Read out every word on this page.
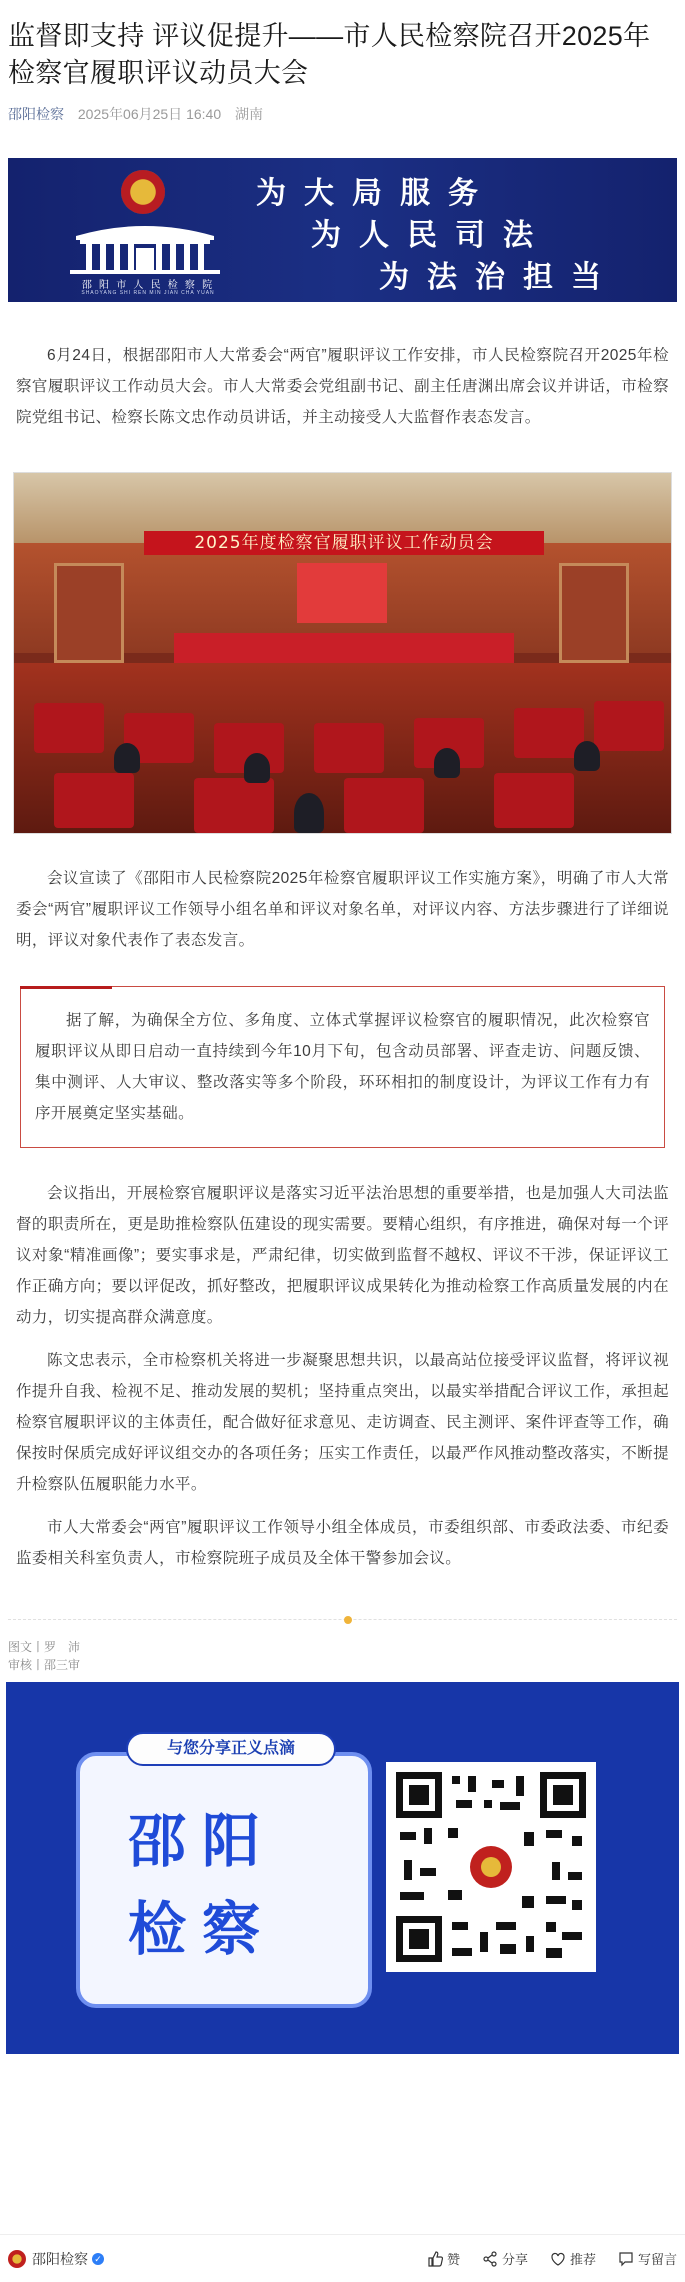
监督即支持 评议促提升——市人民检察院召开2025年检察官履职评议动员大会
邵阳检察 2025年06月25日 16:40 湖南
邵 阳 市 人 民 检 察 院
SHAOYANG SHI REN MIN JIAN CHA YUAN
为大局服务
为人民司法
为法治担当

6月24日，根据邵阳市人大常委会“两官”履职评议工作安排，市人民检察院召开2025年检察官履职评议工作动员大会。市人大常委会党组副书记、副主任唐渊出席会议并讲话，市检察院党组书记、检察长陈文忠作动员讲话，并主动接受人大监督作表态发言。

2025年度检察官履职评议工作动员会

会议宣读了《邵阳市人民检察院2025年检察官履职评议工作实施方案》，明确了市人大常委会“两官”履职评议工作领导小组名单和评议对象名单，对评议内容、方法步骤进行了详细说明，评议对象代表作了表态发言。

据了解，为确保全方位、多角度、立体式掌握评议检察官的履职情况，此次检察官履职评议从即日启动一直持续到今年10月下旬，包含动员部署、评查走访、问题反馈、集中测评、人大审议、整改落实等多个阶段，环环相扣的制度设计，为评议工作有力有序开展奠定坚实基础。

会议指出，开展检察官履职评议是落实习近平法治思想的重要举措，也是加强人大司法监督的职责所在，更是助推检察队伍建设的现实需要。要精心组织，有序推进，确保对每一个评议对象“精准画像”；要实事求是，严肃纪律，切实做到监督不越权、评议不干涉，保证评议工作正确方向；要以评促改，抓好整改，把履职评议成果转化为推动检察工作高质量发展的内在动力，切实提高群众满意度。

陈文忠表示，全市检察机关将进一步凝聚思想共识，以最高站位接受评议监督，将评议视作提升自我、检视不足、推动发展的契机；坚持重点突出，以最实举措配合评议工作，承担起检察官履职评议的主体责任，配合做好征求意见、走访调查、民主测评、案件评查等工作，确保按时保质完成好评议组交办的各项任务；压实工作责任，以最严作风推动整改落实，不断提升检察队伍履职能力水平。

市人大常委会“两官”履职评议工作领导小组全体成员，市委组织部、市委政法委、市纪委监委相关科室负责人，市检察院班子成员及全体干警参加会议。

图文丨罗　沛
审核丨邵三审
与您分享正义点滴
邵阳
检察
邵阳检察 ✓	赞	分享	推荐	写留言
